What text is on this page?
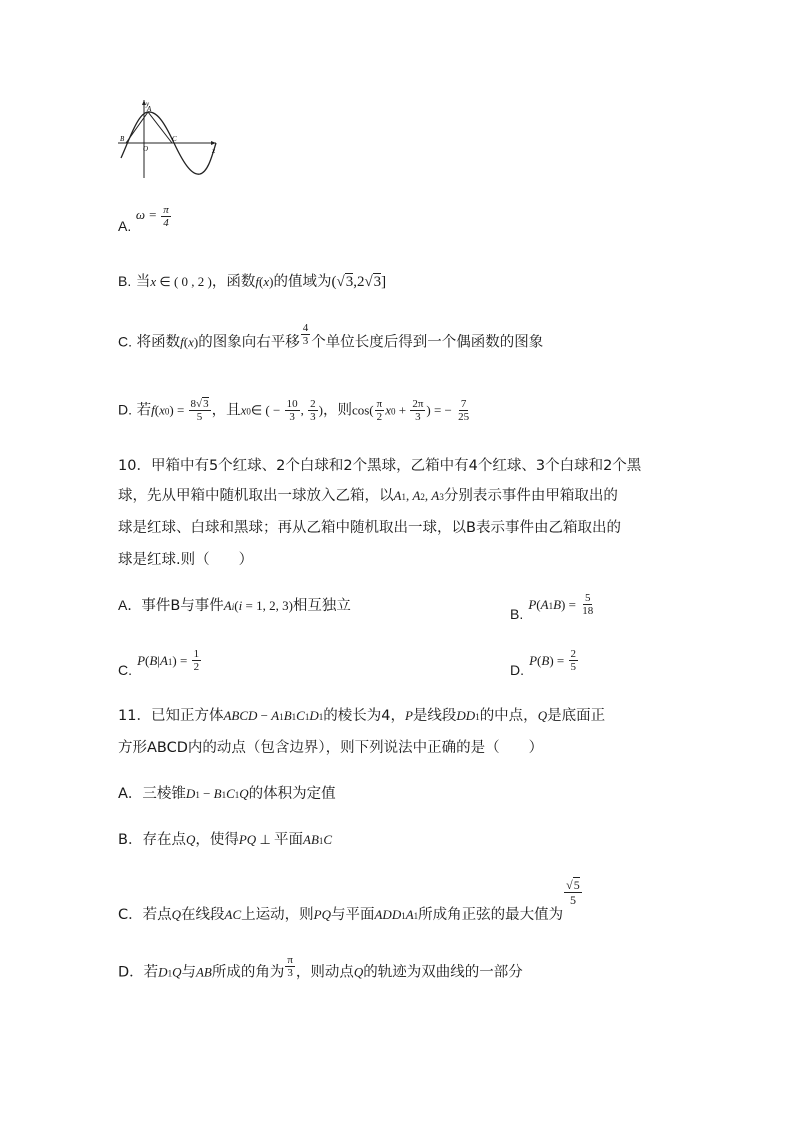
y
A
B
O
C
x
A. $\omega = \frac{\pi}{4}$
B. 当x ∈ ( 0 , 2 )，函数f(x)的值域为(√3,2√3]
C. 将函数f(x)的图象向右平移 $\frac{4}{3}$ 个单位长度后得到一个偶函数的图象
D. 若$f(x0) = \frac{8√3}{5}$ ，且x0∈ ( − $\frac{10}{3}$ , $\frac{2}{3}$ )，则$\cos( \frac{\pi}{2} x0 + \frac{2\pi}{3}$ ) = − $\frac{7}{25}$
10．甲箱中有5个红球、2个白球和2个黑球，乙箱中有4个红球、3个白球和2个黑
球，先从甲箱中随机取出一球放入乙箱，以A1, A2, A3分别表示事件由甲箱取出的
球是红球、白球和黑球；再从乙箱中随机取出一球，以B表示事件由乙箱取出的
球是红球.则（　　）
A．事件B与事件Ai(i = 1, 2, 3)相互独立	B. $P(A1B) = \frac{5}{18}$
C. $P(B|A1) = \frac{1}{2}$	D. $P(B) = \frac{2}{5}$
11．已知正方体ABCD − A1B1C1D1的棱长为4，P是线段DD1的中点，Q是底面正
方形ABCD内的动点（包含边界），则下列说法中正确的是（　　）
A．三棱锥D1 − B1C1Q的体积为定值
B．存在点Q，使得PQ ⊥ 平面AB1C
C．若点Q在线段AC上运动，则PQ与平面$ADD_1A_1$所成角正弦的最大值为
$\frac{√5}{5}$
D．若D1Q与AB所成的角为 $\frac{\pi}{3}$ ，则动点Q的轨迹为双曲线的一部分
